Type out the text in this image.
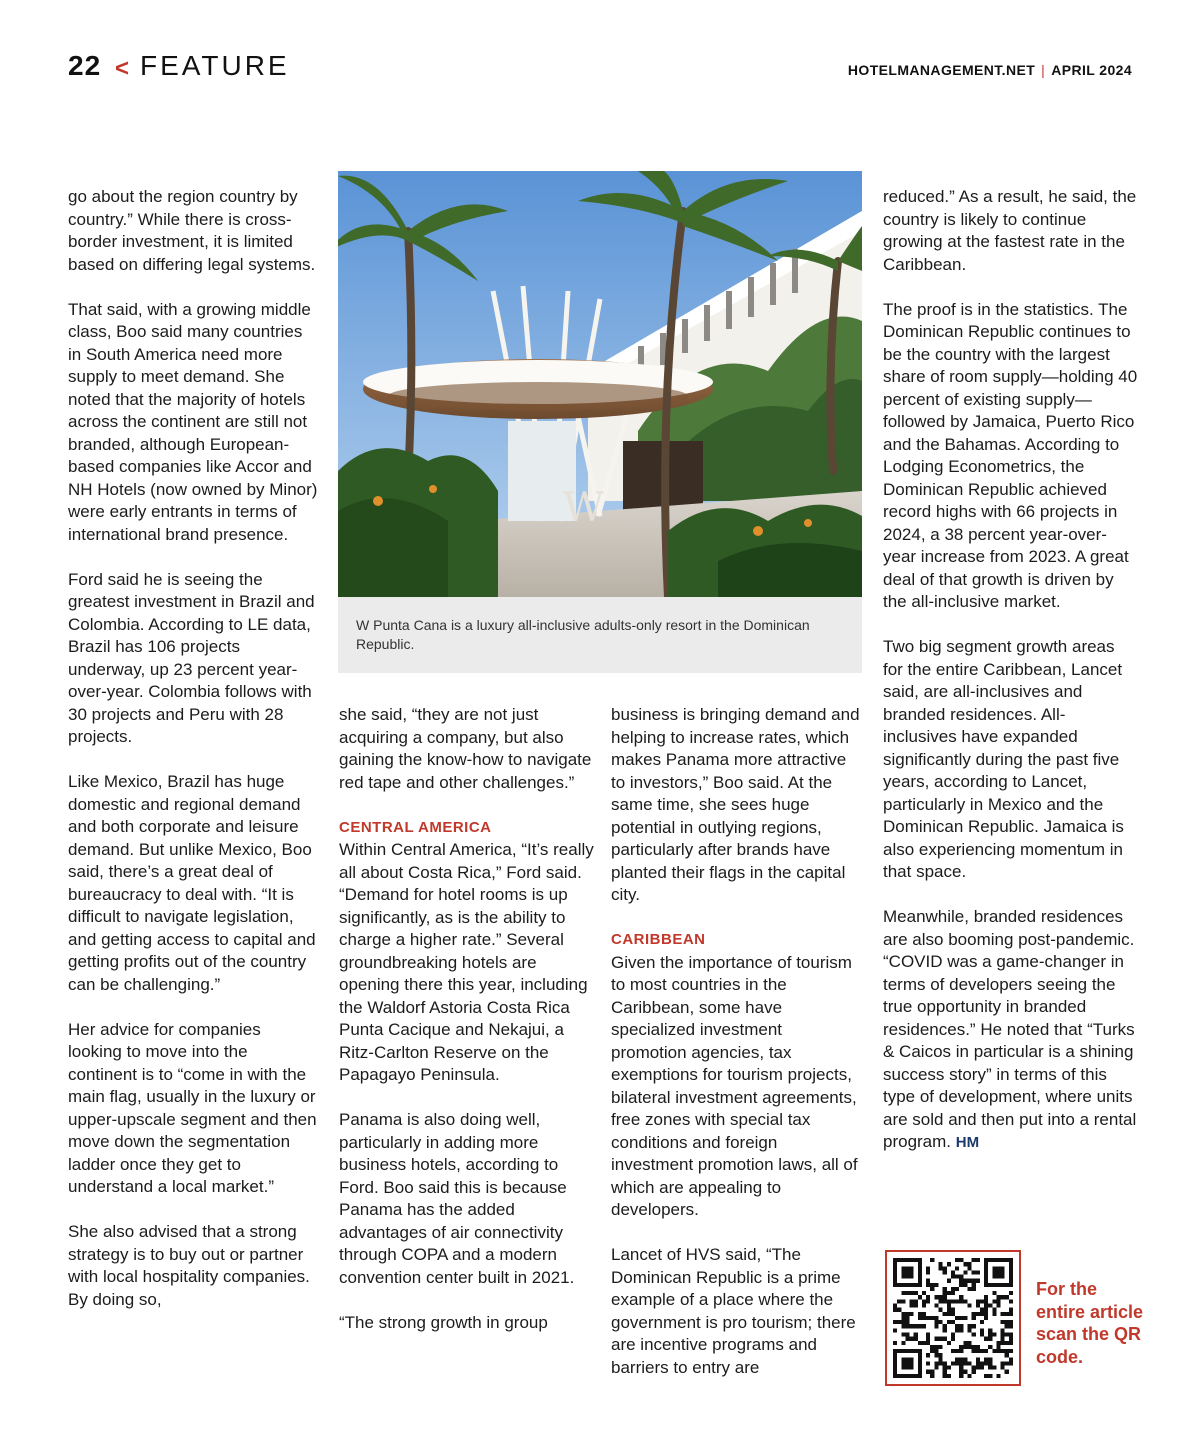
22 < FEATURE	HOTELMANAGEMENT.NET | APRIL 2024

go about the region country by country.” While there is cross-border investment, it is limited based on differing legal systems.

That said, with a growing middle class, Boo said many countries in South America need more supply to meet demand. She noted that the majority of hotels across the continent are still not branded, although European-based companies like Accor and NH Hotels (now owned by Minor) were early entrants in terms of international brand presence.

Ford said he is seeing the greatest investment in Brazil and Colombia. According to LE data, Brazil has 106 projects underway, up 23 percent year-over-year. Colombia follows with 30 projects and Peru with 28 projects.

Like Mexico, Brazil has huge domestic and regional demand and both corporate and leisure demand. But unlike Mexico, Boo said, there’s a great deal of bureaucracy to deal with. “It is difficult to navigate legislation, and getting access to capital and getting profits out of the country can be challenging.”

Her advice for companies looking to move into the continent is to “come in with the main flag, usually in the luxury or upper-upscale segment and then move down the segmentation ladder once they get to understand a local market.”

She also advised that a strong strategy is to buy out or partner with local hospitality companies. By doing so,

W
W Punta Cana is a luxury all-inclusive adults-only resort in the Dominican Republic.

she said, “they are not just acquiring a company, but also gaining the know-how to navigate red tape and other challenges.”

CENTRAL AMERICA
Within Central America, “It’s really all about Costa Rica,” Ford said. “Demand for hotel rooms is up significantly, as is the ability to charge a higher rate.” Several groundbreaking hotels are opening there this year, including the Waldorf Astoria Costa Rica Punta Cacique and Nekajui, a Ritz-Carlton Reserve on the Papagayo Peninsula.

Panama is also doing well, particularly in adding more business hotels, according to Ford. Boo said this is because Panama has the added advantages of air connectivity through COPA and a modern convention center built in 2021.

“The strong growth in group

business is bringing demand and helping to increase rates, which makes Panama more attractive to investors,” Boo said. At the same time, she sees huge potential in outlying regions, particularly after brands have planted their flags in the capital city.

CARIBBEAN
Given the importance of tourism to most countries in the Caribbean, some have specialized investment promotion agencies, tax exemptions for tourism projects, bilateral investment agreements, free zones with special tax conditions and foreign investment promotion laws, all of which are appealing to developers.

Lancet of HVS said, “The Dominican Republic is a prime example of a place where the government is pro tourism; there are incentive programs and barriers to entry are

reduced.” As a result, he said, the country is likely to continue growing at the fastest rate in the Caribbean.

The proof is in the statistics. The Dominican Republic continues to be the country with the largest share of room supply—holding 40 percent of existing supply—followed by Jamaica, Puerto Rico and the Bahamas. According to Lodging Econometrics, the Dominican Republic achieved record highs with 66 projects in 2024, a 38 percent year-over-year increase from 2023. A great deal of that growth is driven by the all-inclusive market.

Two big segment growth areas for the entire Caribbean, Lancet said, are all-inclusives and branded residences. All-inclusives have expanded significantly during the past five years, according to Lancet, particularly in Mexico and the Dominican Republic. Jamaica is also experiencing momentum in that space.

Meanwhile, branded residences are also booming post-pandemic. “COVID was a game-changer in terms of developers seeing the true opportunity in branded residences.” He noted that “Turks & Caicos in particular is a shining success story” in terms of this type of development, where units are sold and then put into a rental program. HM

For the entire article scan the QR code.
